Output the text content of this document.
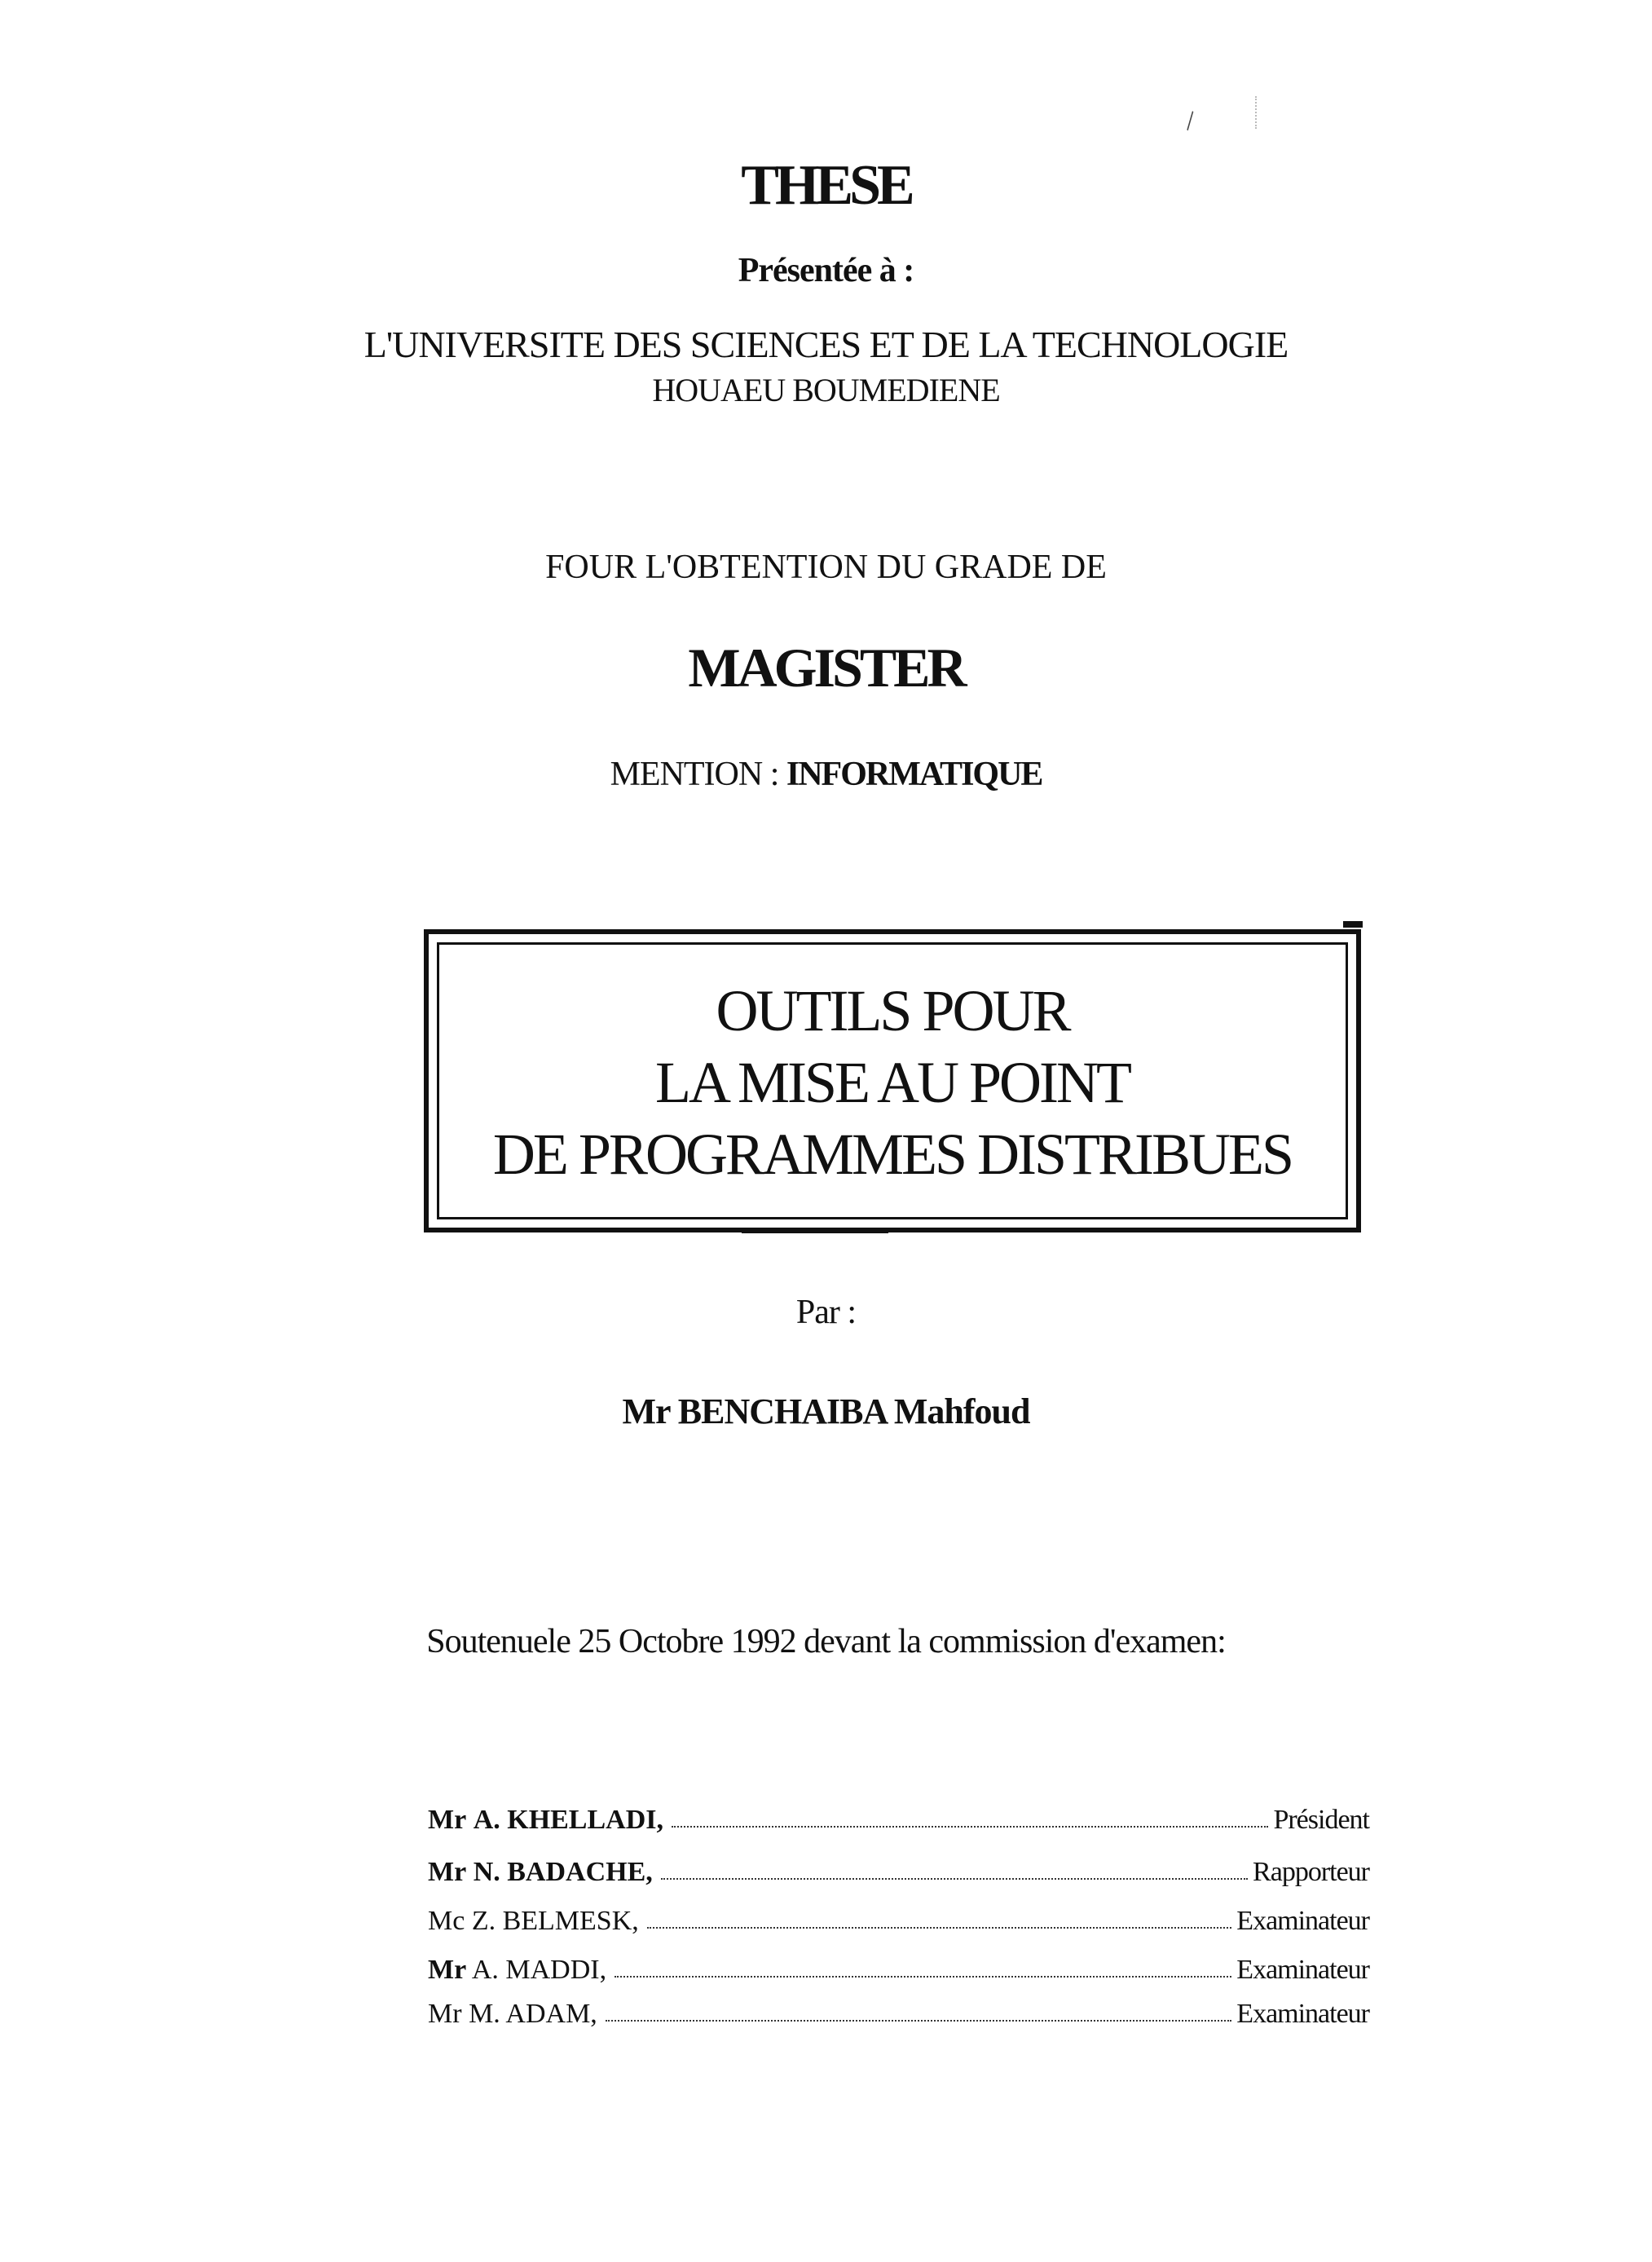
\
THESE
Présentée à :
L'UNIVERSITE DES SCIENCES ET DE LA TECHNOLOGIE
HOUAEU BOUMEDIENE
FOUR L'OBTENTION DU GRADE DE
MAGISTER
MENTION : INFORMATIQUE
OUTILS POUR
LA MISE AU POINT
DE PROGRAMMES DISTRIBUES
Par :
Mr BENCHAIBA Mahfoud
Soutenuele 25 Octobre 1992 devant la commission d'examen:
Mr A. KHELLADI,	Président
Mr N. BADACHE,	Rapporteur
Mc Z. BELMESK,	Examinateur
Mr A. MADDI,	Examinateur
Mr M. ADAM,	Examinateur
